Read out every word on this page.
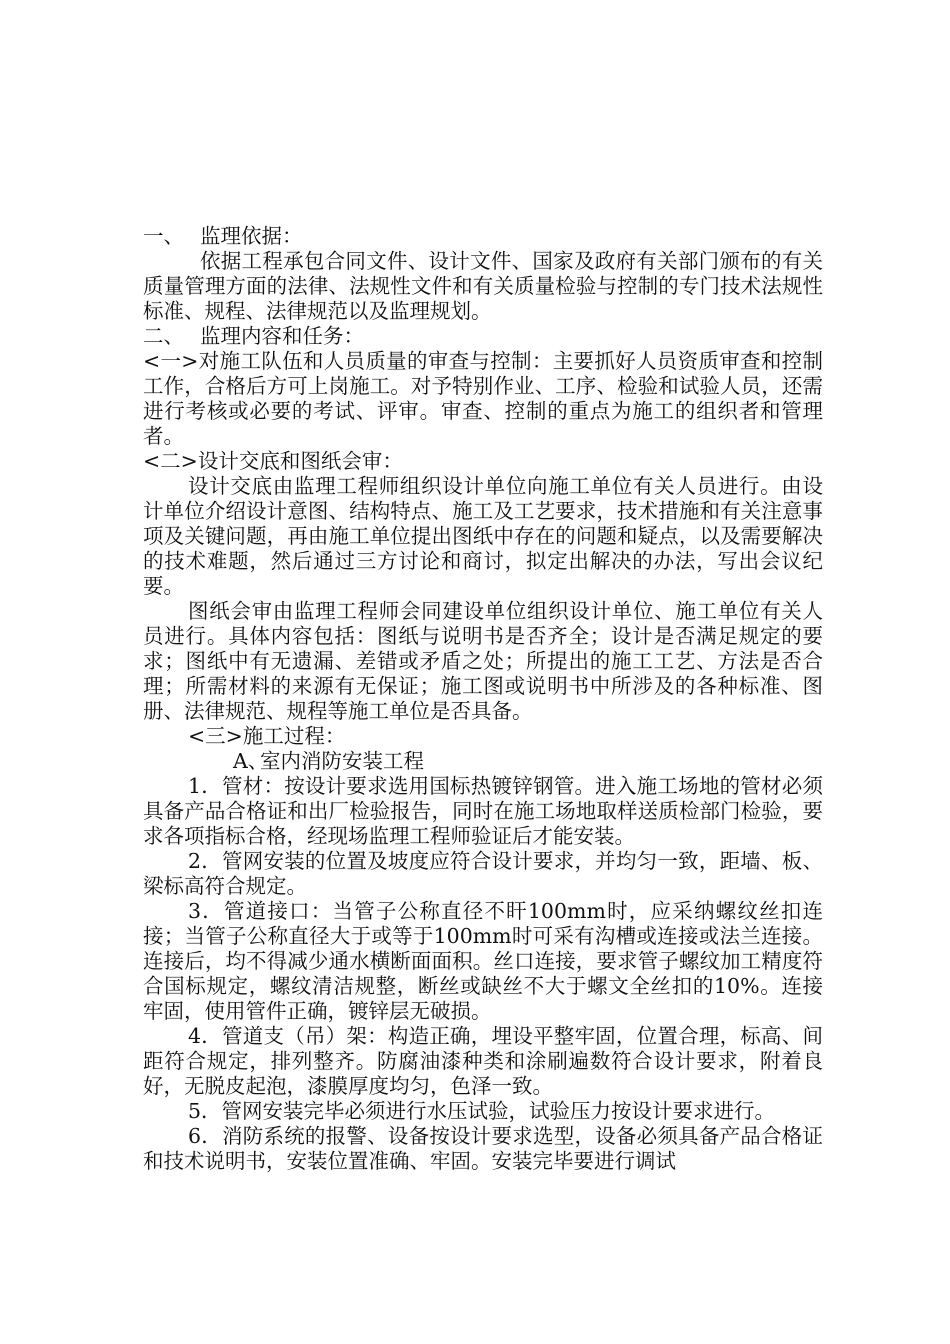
一、 监理依据：

依据工程承包合同文件、设计文件、国家及政府有关部门颁布的有关质量管理方面的法律、法规性文件和有关质量检验与控制的专门技术法规性标准、规程、法律规范以及监理规划。

二、 监理内容和任务：

<一>对施工队伍和人员质量的审查与控制：主要抓好人员资质审查和控制工作，合格后方可上岗施工。对予特别作业、工序、检验和试验人员，还需进行考核或必要的考试、评审。审查、控制的重点为施工的组织者和管理者。

<二>设计交底和图纸会审：

设计交底由监理工程师组织设计单位向施工单位有关人员进行。由设计单位介绍设计意图、结构特点、施工及工艺要求，技术措施和有关注意事项及关键问题，再由施工单位提出图纸中存在的问题和疑点，以及需要解决的技术难题，然后通过三方讨论和商讨，拟定出解决的办法，写出会议纪要。

图纸会审由监理工程师会同建设单位组织设计单位、施工单位有关人员进行。具体内容包括：图纸与说明书是否齐全；设计是否满足规定的要求；图纸中有无遗漏、差错或矛盾之处；所提出的施工工艺、方法是否合理；所需材料的来源有无保证；施工图或说明书中所涉及的各种标准、图册、法律规范、规程等施工单位是否具备。

<三>施工过程：

A、室内消防安装工程

1．管材：按设计要求选用国标热镀锌钢管。进入施工场地的管材必须具备产品合格证和出厂检验报告，同时在施工场地取样送质检部门检验，要求各项指标合格，经现场监理工程师验证后才能安装。

2．管网安装的位置及坡度应符合设计要求，并均匀一致，距墙、板、梁标高符合规定。

3．管道接口：当管子公称直径不盰100mm时，应采纳螺纹丝扣连接；当管子公称直径大于或等于100mm时可采有沟槽或连接或法兰连接。连接后，均不得减少通水横断面面积。丝口连接，要求管子螺纹加工精度符合国标规定，螺纹清洁规整，断丝或缺丝不大于螺文全丝扣的10%。连接牢固，使用管件正确，镀锌层无破损。

4．管道支（吊）架：构造正确，埋设平整牢固，位置合理，标高、间距符合规定，排列整齐。防腐油漆种类和涂刷遍数符合设计要求，附着良好，无脱皮起泡，漆膜厚度均匀，色泽一致。

5．管网安装完毕必须进行水压试验，试验压力按设计要求进行。

6．消防系统的报警、设备按设计要求选型，设备必须具备产品合格证和技术说明书，安装位置准确、牢固。安装完毕要进行调试
